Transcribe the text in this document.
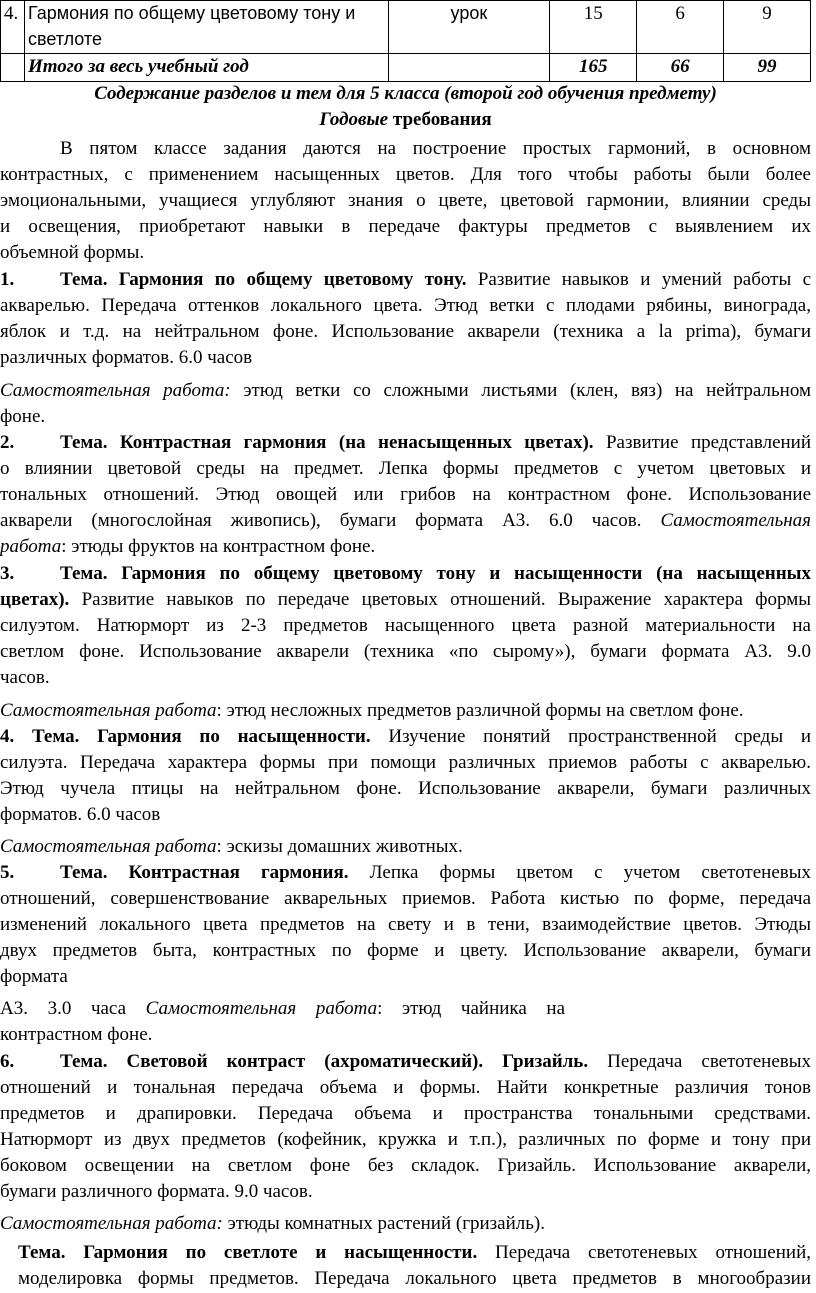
4.	Гармония по общему цветовому тону и
светлоте	урок	15	6	9
	Итого за весь учебный год		165	66	99
Содержание разделов и тем для 5 класса (второй год обучения предмету)
Годовые требования
В пятом классе задания даются на построение простых гармоний, в основном
контрастных, с применением насыщенных цветов. Для того чтобы работы были более
эмоциональными, учащиеся углубляют знания о цвете, цветовой гармонии, влиянии среды
и освещения, приобретают навыки в передаче фактуры предметов с выявлением их
объемной формы.
1. Тема. Гармония по общему цветовому тону. Развитие навыков и умений работы с
акварелью. Передача оттенков локального цвета. Этюд ветки с плодами рябины, винограда,
яблок и т.д. на нейтральном фоне. Использование акварели (техника a la prima), бумаги
различных форматов. 6.0 часов
Самостоятельная работа: этюд ветки со сложными листьями (клен, вяз) на нейтральном
фоне.
2. Тема. Контрастная гармония (на ненасыщенных цветах). Развитие представлений
о влиянии цветовой среды на предмет. Лепка формы предметов с учетом цветовых и
тональных отношений. Этюд овощей или грибов на контрастном фоне. Использование
акварели (многослойная живопись), бумаги формата А3. 6.0 часов. Самостоятельная
работа: этюды фруктов на контрастном фоне.
3. Тема. Гармония по общему цветовому тону и насыщенности (на насыщенных
цветах). Развитие навыков по передаче цветовых отношений. Выражение характера формы
силуэтом. Натюрморт из 2-3 предметов насыщенного цвета разной материальности на
светлом фоне. Использование акварели (техника «по сырому»), бумаги формата А3. 9.0
часов.
Самостоятельная работа: этюд несложных предметов различной формы на светлом фоне.
4. Тема. Гармония по насыщенности. Изучение понятий пространственной среды и
силуэта. Передача характера формы при помощи различных приемов работы с акварелью.
Этюд чучела птицы на нейтральном фоне. Использование акварели, бумаги различных
форматов. 6.0 часов
Самостоятельная работа: эскизы домашних животных.
5. Тема. Контрастная гармония. Лепка формы цветом с учетом светотеневых
отношений, совершенствование акварельных приемов. Работа кистью по форме, передача
изменений локального цвета предметов на свету и в тени, взаимодействие цветов. Этюды
двух предметов быта, контрастных по форме и цвету. Использование акварели, бумаги
формата
А3. 3.0 часа Самостоятельная работа: этюд чайника на
контрастном фоне.
6. Тема. Световой контраст (ахроматический). Гризайль. Передача светотеневых
отношений и тональная передача объема и формы. Найти конкретные различия тонов
предметов и драпировки. Передача объема и пространства тональными средствами.
Натюрморт из двух предметов (кофейник, кружка и т.п.), различных по форме и тону при
боковом освещении на светлом фоне без складок. Гризайль. Использование акварели,
бумаги различного формата. 9.0 часов.
Самостоятельная работа: этюды комнатных растений (гризайль).
Тема. Гармония по светлоте и насыщенности. Передача светотеневых отношений,
моделировка формы предметов. Передача локального цвета предметов в многообразии
